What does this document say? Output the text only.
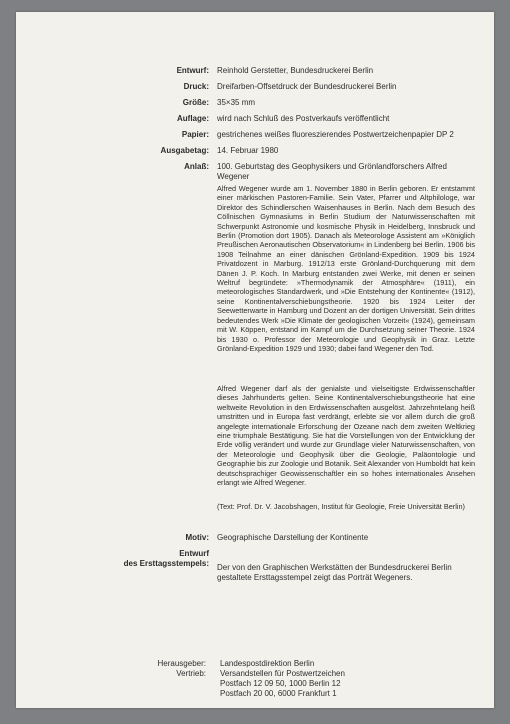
Entwurf: Reinhold Gerstetter, Bundesdruckerei Berlin
Druck: Dreifarben-Offsetdruck der Bundesdruckerei Berlin
Größe: 35×35 mm
Auflage: wird nach Schluß des Postverkaufs veröffentlicht
Papier: gestrichenes weißes fluoreszierendes Postwertzeichenpapier DP 2
Ausgabetag: 14. Februar 1980
Anlaß: 100. Geburtstag des Geophysikers und Grönlandforschers Alfred Wegener

Alfred Wegener wurde am 1. November 1880 in Berlin geboren. Er entstammt einer märkischen Pastoren-Familie. Sein Vater, Pfarrer und Altphilologe, war Direktor des Schindlerschen Waisenhauses in Berlin. Nach dem Besuch des Cöllnischen Gymnasiums in Berlin Studium der Naturwissenschaften mit Schwerpunkt Astronomie und kosmische Physik in Heidelberg, Innsbruck und Berlin (Promotion dort 1905). Danach als Meteorologe Assistent am »Königlich Preußischen Aeronautischen Observatorium« in Lindenberg bei Berlin. 1906 bis 1908 Teilnahme an einer dänischen Grönland-Expedition. 1909 bis 1924 Privatdozent in Marburg. 1912/13 erste Grönland-Durchquerung mit dem Dänen J. P. Koch. In Marburg entstanden zwei Werke, mit denen er seinen Weltruf begründete: »Thermodynamik der Atmosphäre« (1911), ein meteorologisches Standardwerk, und »Die Entstehung der Kontinente« (1912), seine Kontinentalverschiebungstheorie. 1920 bis 1924 Leiter der Seewetterwarte in Hamburg und Dozent an der dortigen Universität. Sein drittes bedeutendes Werk »Die Klimate der geologischen Vorzeit« (1924), gemeinsam mit W. Köppen, entstand im Kampf um die Durchsetzung seiner Theorie. 1924 bis 1930 o. Professor der Meteorologie und Geophysik in Graz. Letzte Grönland-Expedition 1929 und 1930; dabei fand Wegener den Tod.

Alfred Wegener darf als der genialste und vielseitigste Erdwissenschaftler dieses Jahrhunderts gelten. Seine Kontinentalverschiebungstheorie hat eine weltweite Revolution in den Erdwissenschaften ausgelöst. Jahrzehntelang heiß umstritten und in Europa fast verdrängt, erlebte sie vor allem durch die groß angelegte internationale Erforschung der Ozeane nach dem zweiten Weltkrieg eine triumphale Bestätigung. Sie hat die Vorstellungen von der Entwicklung der Erde völlig verändert und wurde zur Grundlage vieler Naturwissenschaften, von der Meteorologie und Geophysik über die Geologie, Paläontologie und Geographie bis zur Zoologie und Botanik. Seit Alexander von Humboldt hat kein deutschsprachiger Geowissenschaftler ein so hohes internationales Ansehen erlangt wie Alfred Wegener.

(Text: Prof. Dr. V. Jacobshagen, Institut für Geologie, Freie Universität Berlin)

Motiv: Geographische Darstellung der Kontinente
Entwurf
des Ersttagsstempels: Der von den Graphischen Werkstätten der Bundesdruckerei Berlin gestaltete Ersttagsstempel zeigt das Porträt Wegeners.
Herausgeber:
Vertrieb:
Landespostdirektion Berlin
Versandstellen für Postwertzeichen
Postfach 12 09 50, 1000 Berlin 12
Postfach 20 00, 6000 Frankfurt 1
